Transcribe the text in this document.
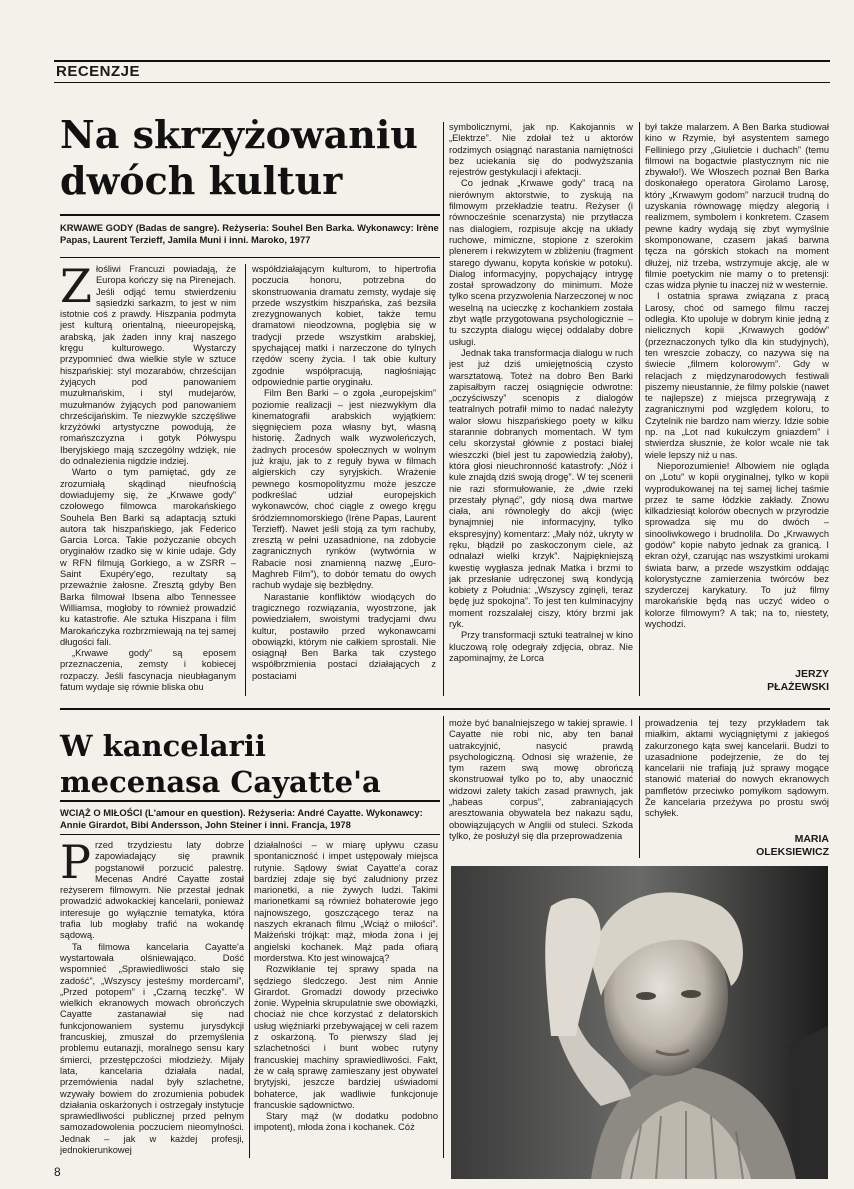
RECENZJE
Na skrzyżowaniu
dwóch kultur
KRWAWE GODY (Badas de sangre). Reżyseria: Souhel Ben Barka. Wykonawcy: Irène Papas, Laurent Terzieff, Jamila Muni i inni. Maroko, 1977
Z łośliwi Francuzi powiadają, że Europa kończy się na Pirenejach. Jeśli odjąć temu stwierdzeniu sąsiedzki sarkazm, to jest w nim istotnie coś z prawdy. Hiszpania podmyta jest kulturą orientalną, nieeuropejską, arabską, jak żaden inny kraj naszego kręgu kulturowego. Wystarczy przypomnieć dwa wielkie style w sztuce hiszpańskiej: styl mozarabów, chrześcijan żyjących pod panowaniem muzułmańskim, i styl mudejarów, muzułmanów żyjących pod panowaniem chrześcijańskim. Te niezwykle szczęśliwe krzyżówki artystyczne powodują, że romańszczyzna i gotyk Półwyspu Iberyjskiego mają szczególny wdzięk, nie do odnalezienia nigdzie indziej.

Warto o tym pamiętać, gdy ze zrozumiałą skądinąd nieufnością dowiadujemy się, że „Krwawe gody” czołowego filmowca marokańskiego Souhela Ben Barki są adaptacją sztuki autora tak hiszpańskiego, jak Federico Garcia Lorca. Takie pożyczanie obcych oryginałów rzadko się w kinie udaje. Gdy w RFN filmują Gorkiego, a w ZSRR – Saint Exupéry'ego, rezultaty są przeważnie żałosne. Zresztą gdyby Ben Barka filmował Ibsena albo Tennessee Williamsa, mogłoby to również prowadzić ku katastrofie. Ale sztuka Hiszpana i film Marokańczyka rozbrzmiewają na tej samej długości fali.

„Krwawe gody” są eposem przeznaczenia, zemsty i kobiecej rozpaczy. Jeśli fascynacja nieubłaganym fatum wydaje się równie bliska obu

współdziałającym kulturom, to hipertrofia poczucia honoru, potrzebna do skonstruowania dramatu zemsty, wydaje się przede wszystkim hiszpańska, zaś bezsiła zrezygnowanych kobiet, także temu dramatowi nieodzowna, poglębia się w tradycji przede wszystkim arabskiej, spychającej matki i narzeczone do tylnych rzędów sceny życia. I tak obie kultury zgodnie współpracują, nagłośniając odpowiednie partie oryginału.

Film Ben Barki – o zgoła „europejskim” poziomie realizacji – jest niezwykłym dla kinematografii arabskich wyjątkiem: sięgnięciem poza własny byt, własną historię. Żadnych walk wyzwoleńczych, żadnych procesów społecznych w wolnym już kraju, jak to z reguły bywa w filmach algierskich czy syryjskich. Wrażenie pewnego kosmopolityzmu może jeszcze podkreślać udział europejskich wykonawców, choć ciągle z owego kręgu śródziemnomorskiego (Irène Papas, Laurent Terzieff). Nawet jeśli stoją za tym rachuby, zresztą w pełni uzasadnione, na zdobycie zagranicznych rynków (wytwórnia w Rabacie nosi znamienną nazwę „Euro-Maghreb Film”), to dobór tematu do owych rachub wydaje się bezbłędny.

Narastanie konfliktów wiodących do tragicznego rozwiązania, wyostrzone, jak powiedziałem, swoistymi tradycjami dwu kultur, postawiło przed wykonawcami obowiązki, którym nie całkiem sprostali. Nie osiągnął Ben Barka tak czystego współbrzmienia postaci działających z postaciami

symbolicznymi, jak np. Kakojannis w „Elektrze”. Nie zdołał też u aktorów rodzimych osiągnąć narastania namiętności bez uciekania się do podwyższania rejestrów gestykulacji i afektacji.

Co jednak „Krwawe gody” tracą na nierównym aktorstwie, to zyskują na filmowym przekładzie teatru. Reżyser (i równocześnie scenarzysta) nie przytłacza nas dialogiem, rozpisuje akcję na układy ruchowe, mimiczne, stopione z szerokim plenerem i rekwizytem w zbliżeniu (fragment starego dywanu, kopyta końskie w potoku). Dialog informacyjny, popychający intrygę został sprowadzony do minimum. Może tylko scena przyzwolenia Narzeczonej w noc weselną na ucieczkę z kochankiem została zbyt wątle przygotowana psychologicznie – tu szczypta dialogu więcej oddalaby dobre usługi.

Jednak taka transformacja dialogu w ruch jest już dziś umiejętnością czysto warsztatową. Toteż na dobro Ben Barki zapisałbym raczej osiągnięcie odwrotne: „oczyściwszy” scenopis z dialogów teatralnych potrafił mimo to nadać należyty walor słowu hiszpańskiego poety w kilku starannie dobranych momentach. W tym celu skorzystał głównie z postaci białej wieszczki (biel jest tu zapowiedzią żałoby), która głosi nieuchronność katastrofy: „Nóż i kule znajdą dziś swoją drogę”. W tej scenerii nie razi sformułowanie, że „dwie rzeki przestały płynąć”, gdy niosą dwa martwe ciała, ani równoległy do akcji (więc bynajmniej nie informacyjny, tylko ekspresyjny) komentarz: „Mały nóż, ukryty w ręku, błądził po zaskoczonym ciele, aż odnalazł wielki krzyk”. Najpiękniejszą kwestię wygłasza jednak Matka i brzmi to jak przesłanie udręczonej swą kondycją kobiety z Południa: „Wszyscy zginęli, teraz będę już spokojna”. To jest ten kulminacyjny moment rozszalałej ciszy, który brzmi jak ryk.

Przy transformacji sztuki teatralnej w kino kluczową rolę odegrały zdjęcia, obraz. Nie zapominajmy, że Lorca

był także malarzem. A Ben Barka studiował kino w Rzymie, był asystentem samego Felliniego przy „Giulietcie i duchach” (temu filmowi na bogactwie plastycznym nic nie zbywało!). We Włoszech poznał Ben Barka doskonałego operatora Girolamo Larosę, który „Krwawym godom” narzucił trudną do uzyskania równowagę między alegorią i realizmem, symbolem i konkretem. Czasem pewne kadry wydają się zbyt wymyślnie skomponowane, czasem jakaś barwna tęcza na górskich stokach na moment dłużej, niż trzeba, wstrzymuje akcję, ale w filmie poetyckim nie mamy o to pretensji: czas widza płynie tu inaczej niż w westernie.

I ostatnia sprawa związana z pracą Larosy, choć od samego filmu raczej odległa. Kto upoluje w dobrym kinie jedną z nielicznych kopii „Krwawych godów” (przeznaczonych tylko dla kin studyjnych), ten wreszcie zobaczy, co nazywa się na świecie „filmem kolorowym”. Gdy w relacjach z międzynarodowych festiwali piszemy nieustannie, że filmy polskie (nawet te najlepsze) z miejsca przegrywają z zagranicznymi pod względem koloru, to Czytelnik nie bardzo nam wierzy. Idzie sobie np. na „Lot nad kukułczym gniazdem” i stwierdza słusznie, że kolor wcale nie tak wiele lepszy niż u nas.

Nieporozumienie! Albowiem nie ogląda on „Lotu” w kopii oryginalnej, tylko w kopii wyprodukowanej na tej samej lichej taśmie przez te same łódzkie zakłady. Znowu kilkadziesiąt kolorów obecnych w przyrodzie sprowadza się mu do dwóch – sinooliwkowego i brudnolila. Do „Krwawych godów” kopie nabyto jednak za granicą. I ekran ożył, czarując nas wszystkimi urokami świata barw, a przede wszystkim oddając kolorystyczne zamierzenia twórców bez szyderczej karykatury. To już filmy marokańskie będą nas uczyć wideo o kolorze filmowym? A tak; na to, niestety, wychodzi.

JERZY
PŁAŻEWSKI
W kancelarii
mecenasa Cayatte'a
WCIĄŻ O MIŁOŚCI (L'amour en question). Reżyseria: André Cayatte. Wykonawcy: Annie Girardot, Bibi Andersson, John Steiner i inni. Francja, 1978
P rzed trzydziestu laty dobrze zapowiadający się prawnik pogstanowił porzucić palestrę. Mecenas André Cayatte został reżyserem filmowym. Nie przestał jednak prowadzić adwokackiej kancelarii, ponieważ interesuje go wyłącznie tematyka, która trafia lub mogłaby trafić na wokandę sądową.

Ta filmowa kancelaria Cayatte'a wystartowała olśniewająco. Dość wspomnieć „Sprawiedliwości stało się zadość”, „Wszyscy jesteśmy mordercami”, „Przed potopem” i „Czarną teczkę”. W wielkich ekranowych mowach obrończych Cayatte zastanawiał się nad funkcjonowaniem systemu jurysdykcji francuskiej, zmuszał do przemyślenia problemu eutanazji, moralnego sensu kary śmierci, przestępczości młodzieży. Mijały lata, kancelaria działała nadal, przemówienia nadal były szlachetne, wzywały bowiem do zrozumienia pobudek działania oskarżonych i ostrzegały instytucje sprawiedliwości publicznej przed pełnym samozadowolenia poczuciem nieomylności. Jednak – jak w każdej profesji, jednokierunkowej

działalności – w miarę upływu czasu spontaniczność i impet ustępowały miejsca rutynie. Sądowy świat Cayatte'a coraz bardziej zdaje się być zaludniony przez marionetki, a nie żywych ludzi. Takimi marionetkami są również bohaterowie jego najnowszego, goszczącego teraz na naszych ekranach filmu „Wciąż o miłości”. Małżeński trójkąt: mąż, młoda żona i jej angielski kochanek. Mąż pada ofiarą morderstwa. Kto jest winowajcą?

Rozwikłanie tej sprawy spada na sędziego śledczego. Jest nim Annie Girardot. Gromadzi dowody przeciwko żonie. Wypełnia skrupulatnie swe obowiązki, chociaż nie chce korzystać z delatorskich usług więźniarki przebywającej w celi razem z oskarżoną. To pierwszy ślad jej szlachetności i bunt wobec rutyny francuskiej machiny sprawiedliwości. Fakt, że w całą sprawę zamieszany jest obywatel brytyjski, jeszcze bardziej uświadomi bohaterce, jak wadliwie funkcjonuje francuskie sądownictwo.

Stary mąż (w dodatku podobno impotent), młoda żona i kochanek. Cóż

może być banalniejszego w takiej sprawie. I Cayatte nie robi nic, aby ten banał uatrakcyjnić, nasycić prawdą psychologiczną. Odnosi się wrażenie, że tym razem swą mowę obrończą skonstruował tylko po to, aby unaocznić widzowi zalety takich zasad prawnych, jak „habeas corpus”, zabraniających aresztowania obywatela bez nakazu sądu, obowiązujących w Anglii od stuleci. Szkoda tylko, że posłużył się dla przeprowadzenia

prowadzenia tej tezy przykładem tak miałkim, aktami wyciągniętymi z jakiegoś zakurzonego kąta swej kancelarii. Budzi to uzasadnione podejrzenie, że do tej kancelarii nie trafiają już sprawy mogące stanowić materiał do nowych ekranowych pamfletów przeciwko pomyłkom sądowym. Że kancelaria przeżywa po prostu swój schyłek.

MARIA
OLEKSIEWICZ
8
